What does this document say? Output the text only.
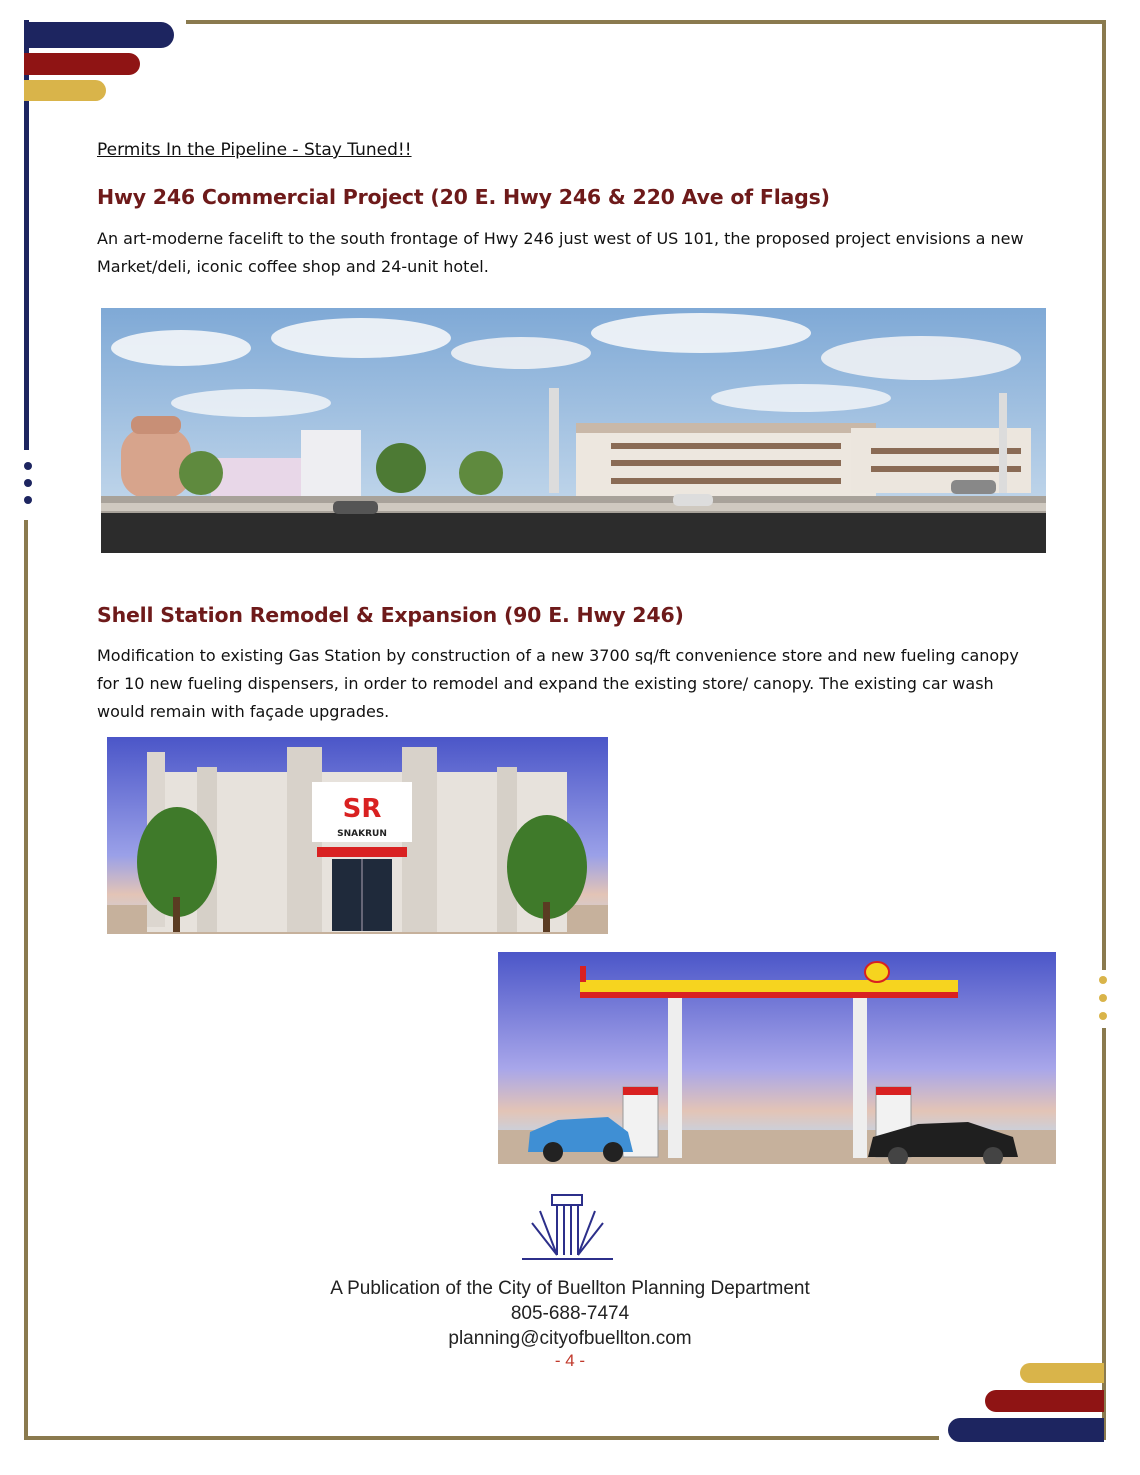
Permits In the Pipeline - Stay Tuned!!
Hwy 246 Commercial Project (20 E. Hwy 246 & 220 Ave of Flags)
An art-moderne facelift to the south frontage of Hwy 246 just west of US 101, the proposed project envisions a new Market/deli, iconic coffee shop and 24-unit hotel.
Shell Station Remodel & Expansion (90 E. Hwy 246)
Modification to existing Gas Station by construction of a new 3700 sq/ft convenience store and new fueling canopy for 10 new fueling dispensers, in order to remodel and expand the existing store/ canopy. The existing car wash would remain with façade upgrades.
SR
SNAKRUN
A Publication of the City of Buellton Planning Department
805-688-7474
planning@cityofbuellton.com
- 4 -
